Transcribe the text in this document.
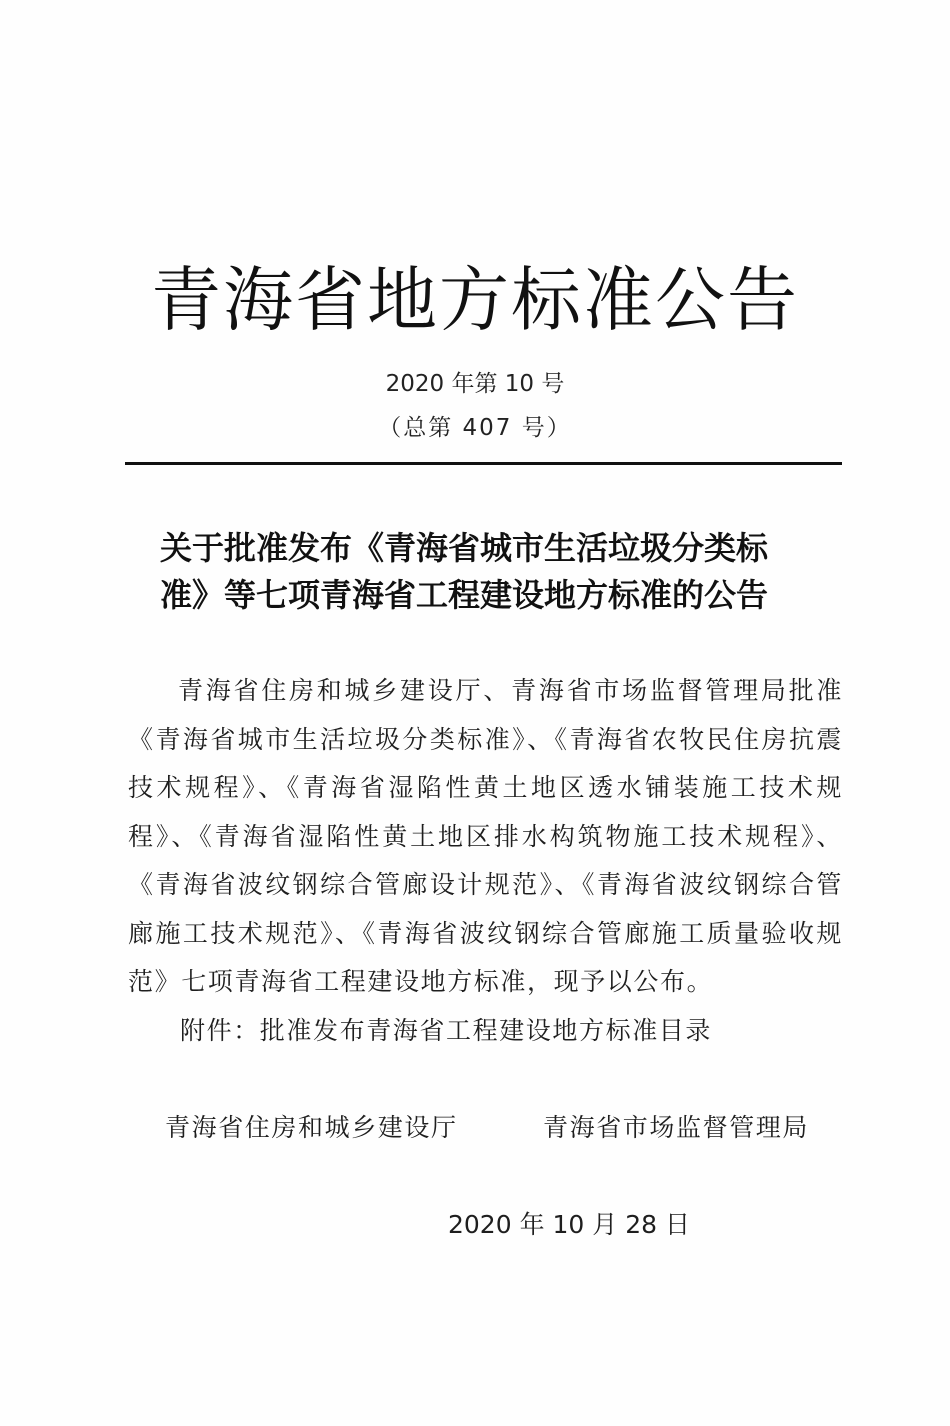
青海省地方标准公告
2020 年第 10 号
（总第 407 号）
关于批准发布《青海省城市生活垃圾分类标
准》等七项青海省工程建设地方标准的公告

青海省住房和城乡建设厅、青海省市场监督管理局批准《青海省城市生活垃圾分类标准》、《青海省农牧民住房抗震技术规程》、《青海省湿陷性黄土地区透水铺装施工技术规程》、《青海省湿陷性黄土地区排水构筑物施工技术规程》、《青海省波纹钢综合管廊设计规范》、《青海省波纹钢综合管廊施工技术规范》、《青海省波纹钢综合管廊施工质量验收规范》七项青海省工程建设地方标准，现予以公布。

附件：批准发布青海省工程建设地方标准目录
青海省住房和城乡建设厅	青海省市场监督管理局
2020 年 10 月 28 日
